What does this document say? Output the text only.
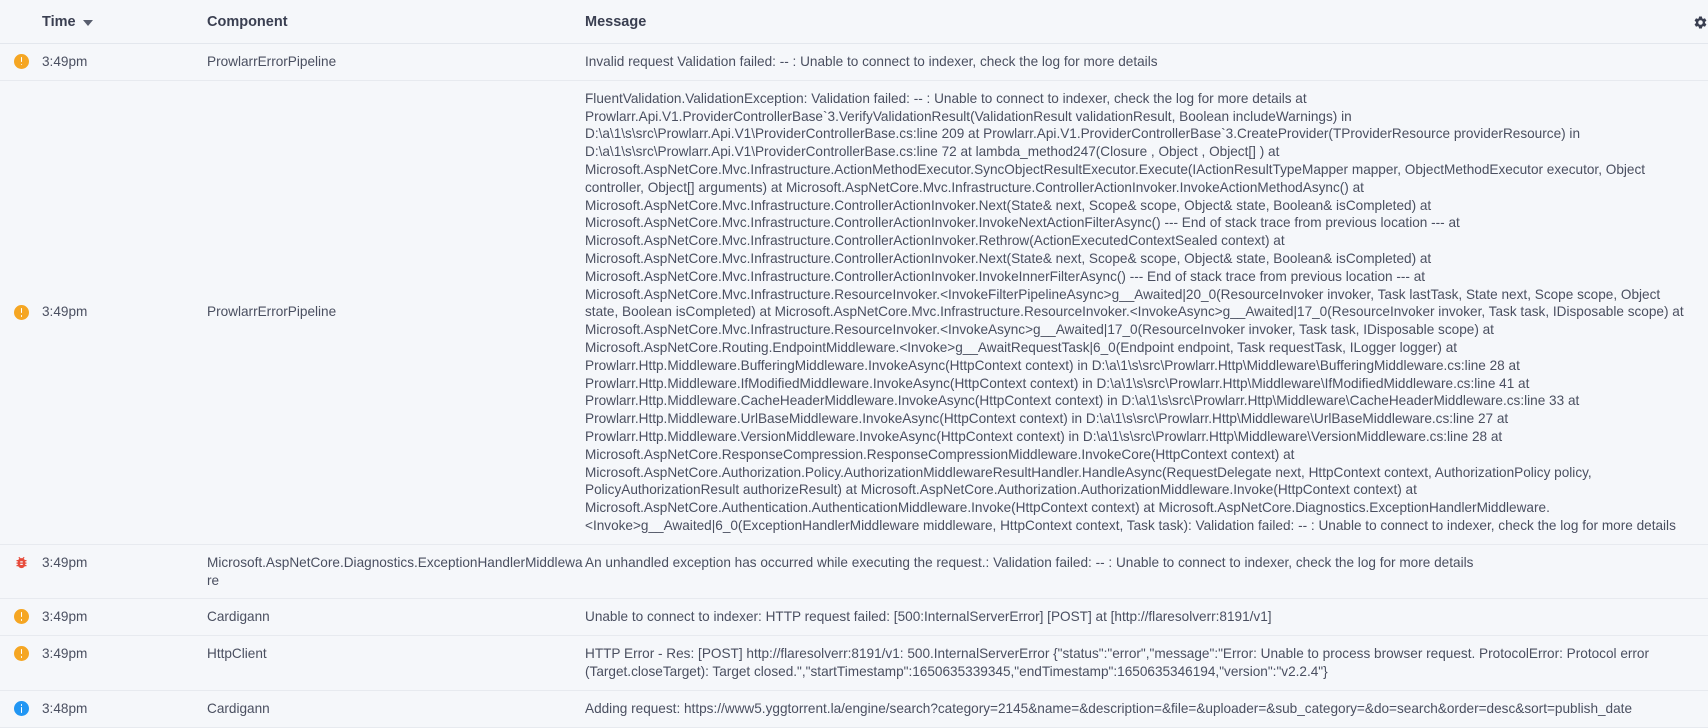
	Time	Component	Message	

	3:49pm	ProwlarrErrorPipeline	Invalid request Validation failed: -- : Unable to connect to indexer, check the log for more details	

	3:49pm	ProwlarrErrorPipeline	FluentValidation.ValidationException: Validation failed: -- : Unable to connect to indexer, check the log for more details at Prowlarr.Api.V1.ProviderControllerBase`3.VerifyValidationResult(ValidationResult validationResult, Boolean includeWarnings) in D:\a\1\s\src\Prowlarr.Api.V1\ProviderControllerBase.cs:line 209 at Prowlarr.Api.V1.ProviderControllerBase`3.CreateProvider(TProviderResource providerResource) in D:\a\1\s\src\Prowlarr.Api.V1\ProviderControllerBase.cs:line 72 at lambda_method247(Closure , Object , Object[] ) at Microsoft.AspNetCore.Mvc.Infrastructure.ActionMethodExecutor.SyncObjectResultExecutor.Execute(IActionResultTypeMapper mapper, ObjectMethodExecutor executor, Object controller, Object[] arguments) at Microsoft.AspNetCore.Mvc.Infrastructure.ControllerActionInvoker.InvokeActionMethodAsync() at Microsoft.AspNetCore.Mvc.Infrastructure.ControllerActionInvoker.Next(State& next, Scope& scope, Object& state, Boolean& isCompleted) at Microsoft.AspNetCore.Mvc.Infrastructure.ControllerActionInvoker.InvokeNextActionFilterAsync() --- End of stack trace from previous location --- at Microsoft.AspNetCore.Mvc.Infrastructure.ControllerActionInvoker.Rethrow(ActionExecutedContextSealed context) at Microsoft.AspNetCore.Mvc.Infrastructure.ControllerActionInvoker.Next(State& next, Scope& scope, Object& state, Boolean& isCompleted) at Microsoft.AspNetCore.Mvc.Infrastructure.ControllerActionInvoker.InvokeInnerFilterAsync() --- End of stack trace from previous location --- at Microsoft.AspNetCore.Mvc.Infrastructure.ResourceInvoker.<InvokeFilterPipelineAsync>g__Awaited|20_0(ResourceInvoker invoker, Task lastTask, State next, Scope scope, Object state, Boolean isCompleted) at Microsoft.AspNetCore.Mvc.Infrastructure.ResourceInvoker.<InvokeAsync>g__Awaited|17_0(ResourceInvoker invoker, Task task, IDisposable scope) at Microsoft.AspNetCore.Mvc.Infrastructure.ResourceInvoker.<InvokeAsync>g__Awaited|17_0(ResourceInvoker invoker, Task task, IDisposable scope) at Microsoft.AspNetCore.Routing.EndpointMiddleware.<Invoke>g__AwaitRequestTask|6_0(Endpoint endpoint, Task requestTask, ILogger logger) at Prowlarr.Http.Middleware.BufferingMiddleware.InvokeAsync(HttpContext context) in D:\a\1\s\src\Prowlarr.Http\Middleware\BufferingMiddleware.cs:line 28 at Prowlarr.Http.Middleware.IfModifiedMiddleware.InvokeAsync(HttpContext context) in D:\a\1\s\src\Prowlarr.Http\Middleware\IfModifiedMiddleware.cs:line 41 at Prowlarr.Http.Middleware.CacheHeaderMiddleware.InvokeAsync(HttpContext context) in D:\a\1\s\src\Prowlarr.Http\Middleware\CacheHeaderMiddleware.cs:line 33 at Prowlarr.Http.Middleware.UrlBaseMiddleware.InvokeAsync(HttpContext context) in D:\a\1\s\src\Prowlarr.Http\Middleware\UrlBaseMiddleware.cs:line 27 at Prowlarr.Http.Middleware.VersionMiddleware.InvokeAsync(HttpContext context) in D:\a\1\s\src\Prowlarr.Http\Middleware\VersionMiddleware.cs:line 28 at Microsoft.AspNetCore.ResponseCompression.ResponseCompressionMiddleware.InvokeCore(HttpContext context) at Microsoft.AspNetCore.Authorization.Policy.AuthorizationMiddlewareResultHandler.HandleAsync(RequestDelegate next, HttpContext context, AuthorizationPolicy policy, PolicyAuthorizationResult authorizeResult) at Microsoft.AspNetCore.Authorization.AuthorizationMiddleware.Invoke(HttpContext context) at Microsoft.AspNetCore.Authentication.AuthenticationMiddleware.Invoke(HttpContext context) at Microsoft.AspNetCore.Diagnostics.ExceptionHandlerMiddleware.<Invoke>g__Awaited|6_0(ExceptionHandlerMiddleware middleware, HttpContext context, Task task): Validation failed: -- : Unable to connect to indexer, check the log for more details	

	3:49pm	Microsoft.AspNetCore.Diagnostics.ExceptionHandlerMiddleware	An unhandled exception has occurred while executing the request.: Validation failed: -- : Unable to connect to indexer, check the log for more details	

	3:49pm	Cardigann	Unable to connect to indexer: HTTP request failed: [500:InternalServerError] [POST] at [http://flaresolverr:8191/v1]	

	3:49pm	HttpClient	HTTP Error - Res: [POST] http://flaresolverr:8191/v1: 500.InternalServerError {"status":"error","message":"Error: Unable to process browser request. ProtocolError: Protocol error (Target.closeTarget): Target closed.","startTimestamp":1650635339345,"endTimestamp":1650635346194,"version":"v2.2.4"}	

	3:48pm	Cardigann	Adding request: https://www5.yggtorrent.la/engine/search?category=2145&name=&description=&file=&uploader=&sub_category=&do=search&order=desc&sort=publish_date	
